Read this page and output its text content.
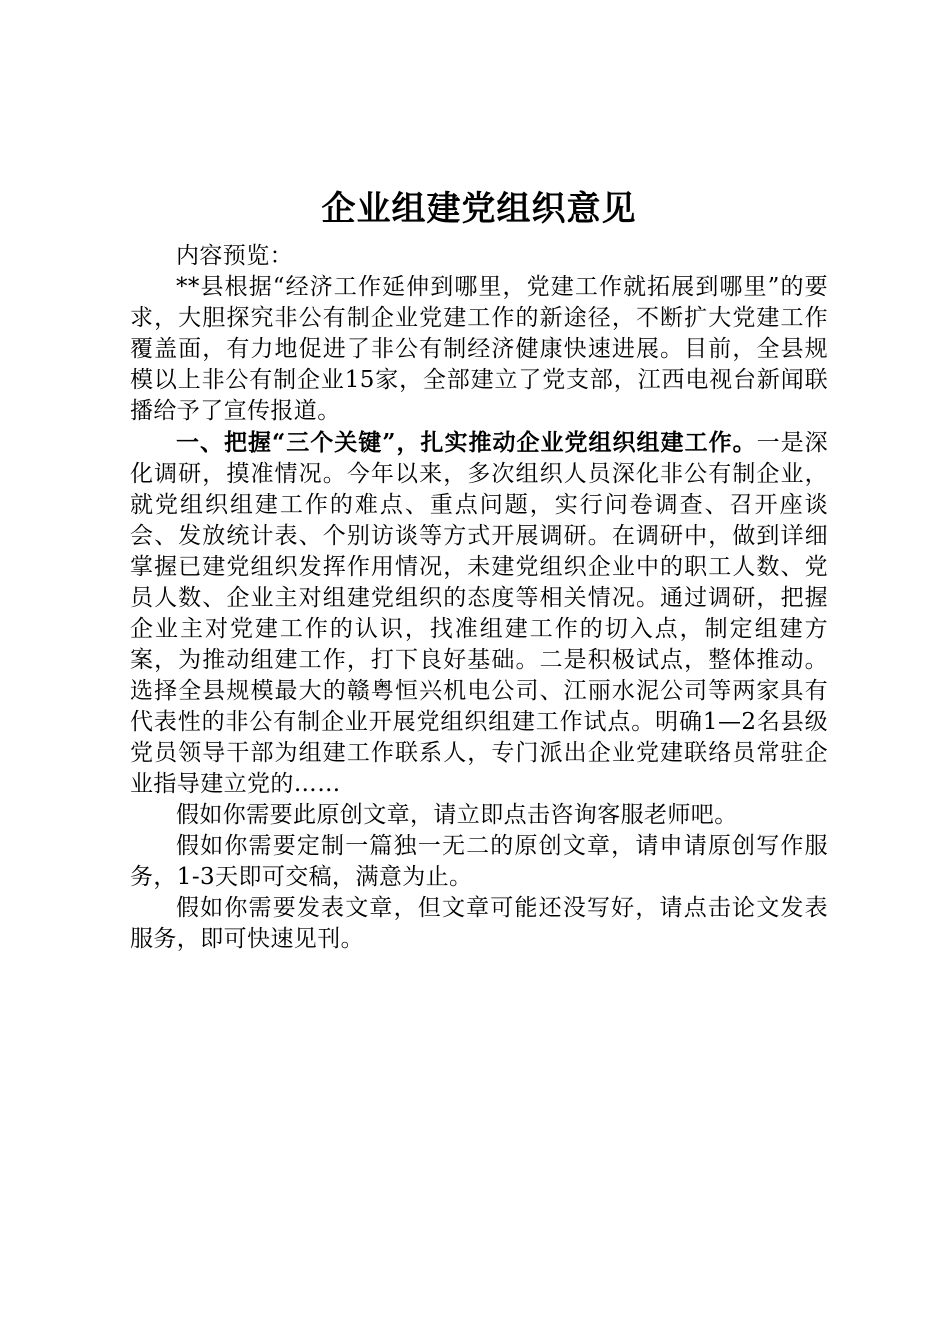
企业组建党组织意见

内容预览：

**县根据“经济工作延伸到哪里，党建工作就拓展到哪里”的要求，大胆探究非公有制企业党建工作的新途径，不断扩大党建工作覆盖面，有力地促进了非公有制经济健康快速进展。目前，全县规模以上非公有制企业15家，全部建立了党支部，江西电视台新闻联播给予了宣传报道。

一、把握“三个关键”，扎实推动企业党组织组建工作。一是深化调研，摸准情况。今年以来，多次组织人员深化非公有制企业，就党组织组建工作的难点、重点问题，实行问卷调查、召开座谈会、发放统计表、个别访谈等方式开展调研。在调研中，做到详细掌握已建党组织发挥作用情况，未建党组织企业中的职工人数、党员人数、企业主对组建党组织的态度等相关情况。通过调研，把握企业主对党建工作的认识，找准组建工作的切入点，制定组建方案，为推动组建工作，打下良好基础。二是积极试点，整体推动。选择全县规模最大的赣粤恒兴机电公司、江丽水泥公司等两家具有代表性的非公有制企业开展党组织组建工作试点。明确1—2名县级党员领导干部为组建工作联系人，专门派出企业党建联络员常驻企业指导建立党的……

假如你需要此原创文章，请立即点击咨询客服老师吧。

假如你需要定制一篇独一无二的原创文章，请申请原创写作服务，1-3天即可交稿，满意为止。

假如你需要发表文章，但文章可能还没写好，请点击论文发表服务，即可快速见刊。
